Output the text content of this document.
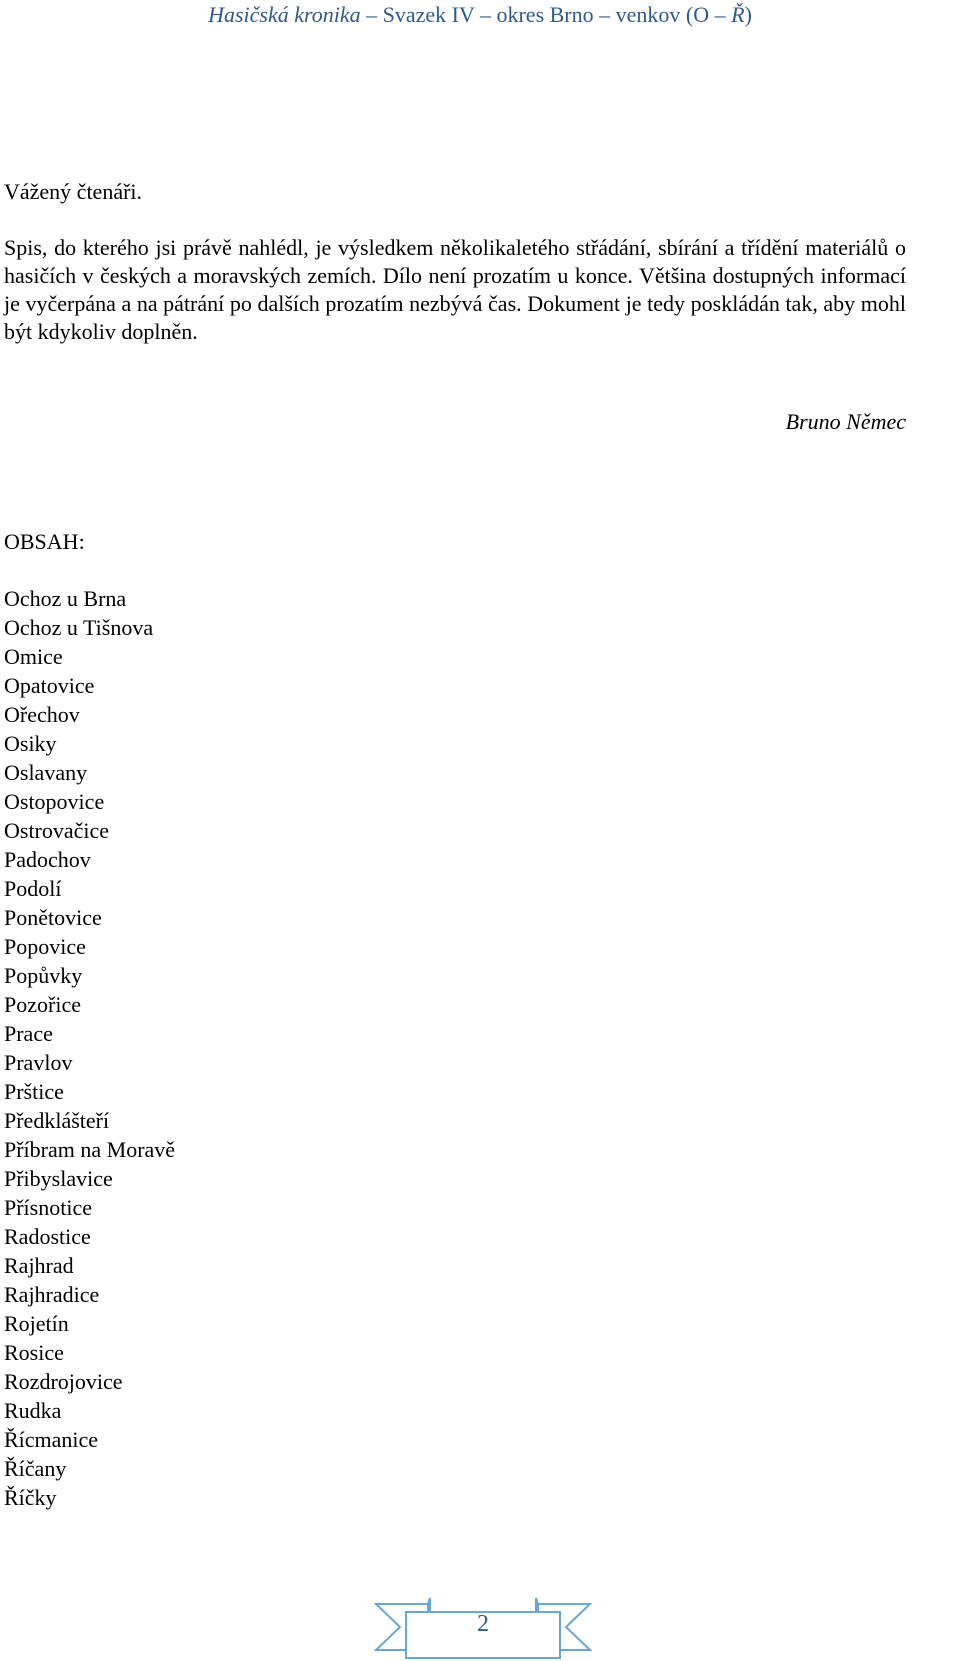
Hasičská kronika – Svazek IV – okres Brno – venkov (O – Ř)
Vážený čtenáři.

Spis, do kterého jsi právě nahlédl, je výsledkem několikaletého střádání, sbírání a třídění materiálů o hasičích v českých a moravských zemích. Dílo není prozatím u konce. Většina dostupných informací je vyčerpána a na pátrání po dalších prozatím nezbývá čas. Dokument je tedy poskládán tak, aby mohl být kdykoliv doplněn.

Bruno Němec
OBSAH:
Ochoz u Brna
Ochoz u Tišnova
Omice
Opatovice
Ořechov
Osiky
Oslavany
Ostopovice
Ostrovačice
Padochov
Podolí
Ponětovice
Popovice
Popůvky
Pozořice
Prace
Pravlov
Prštice
Předklášteří
Příbram na Moravě
Přibyslavice
Přísnotice
Radostice
Rajhrad
Rajhradice
Rojetín
Rosice
Rozdrojovice
Rudka
Řícmanice
Říčany
Říčky
2
